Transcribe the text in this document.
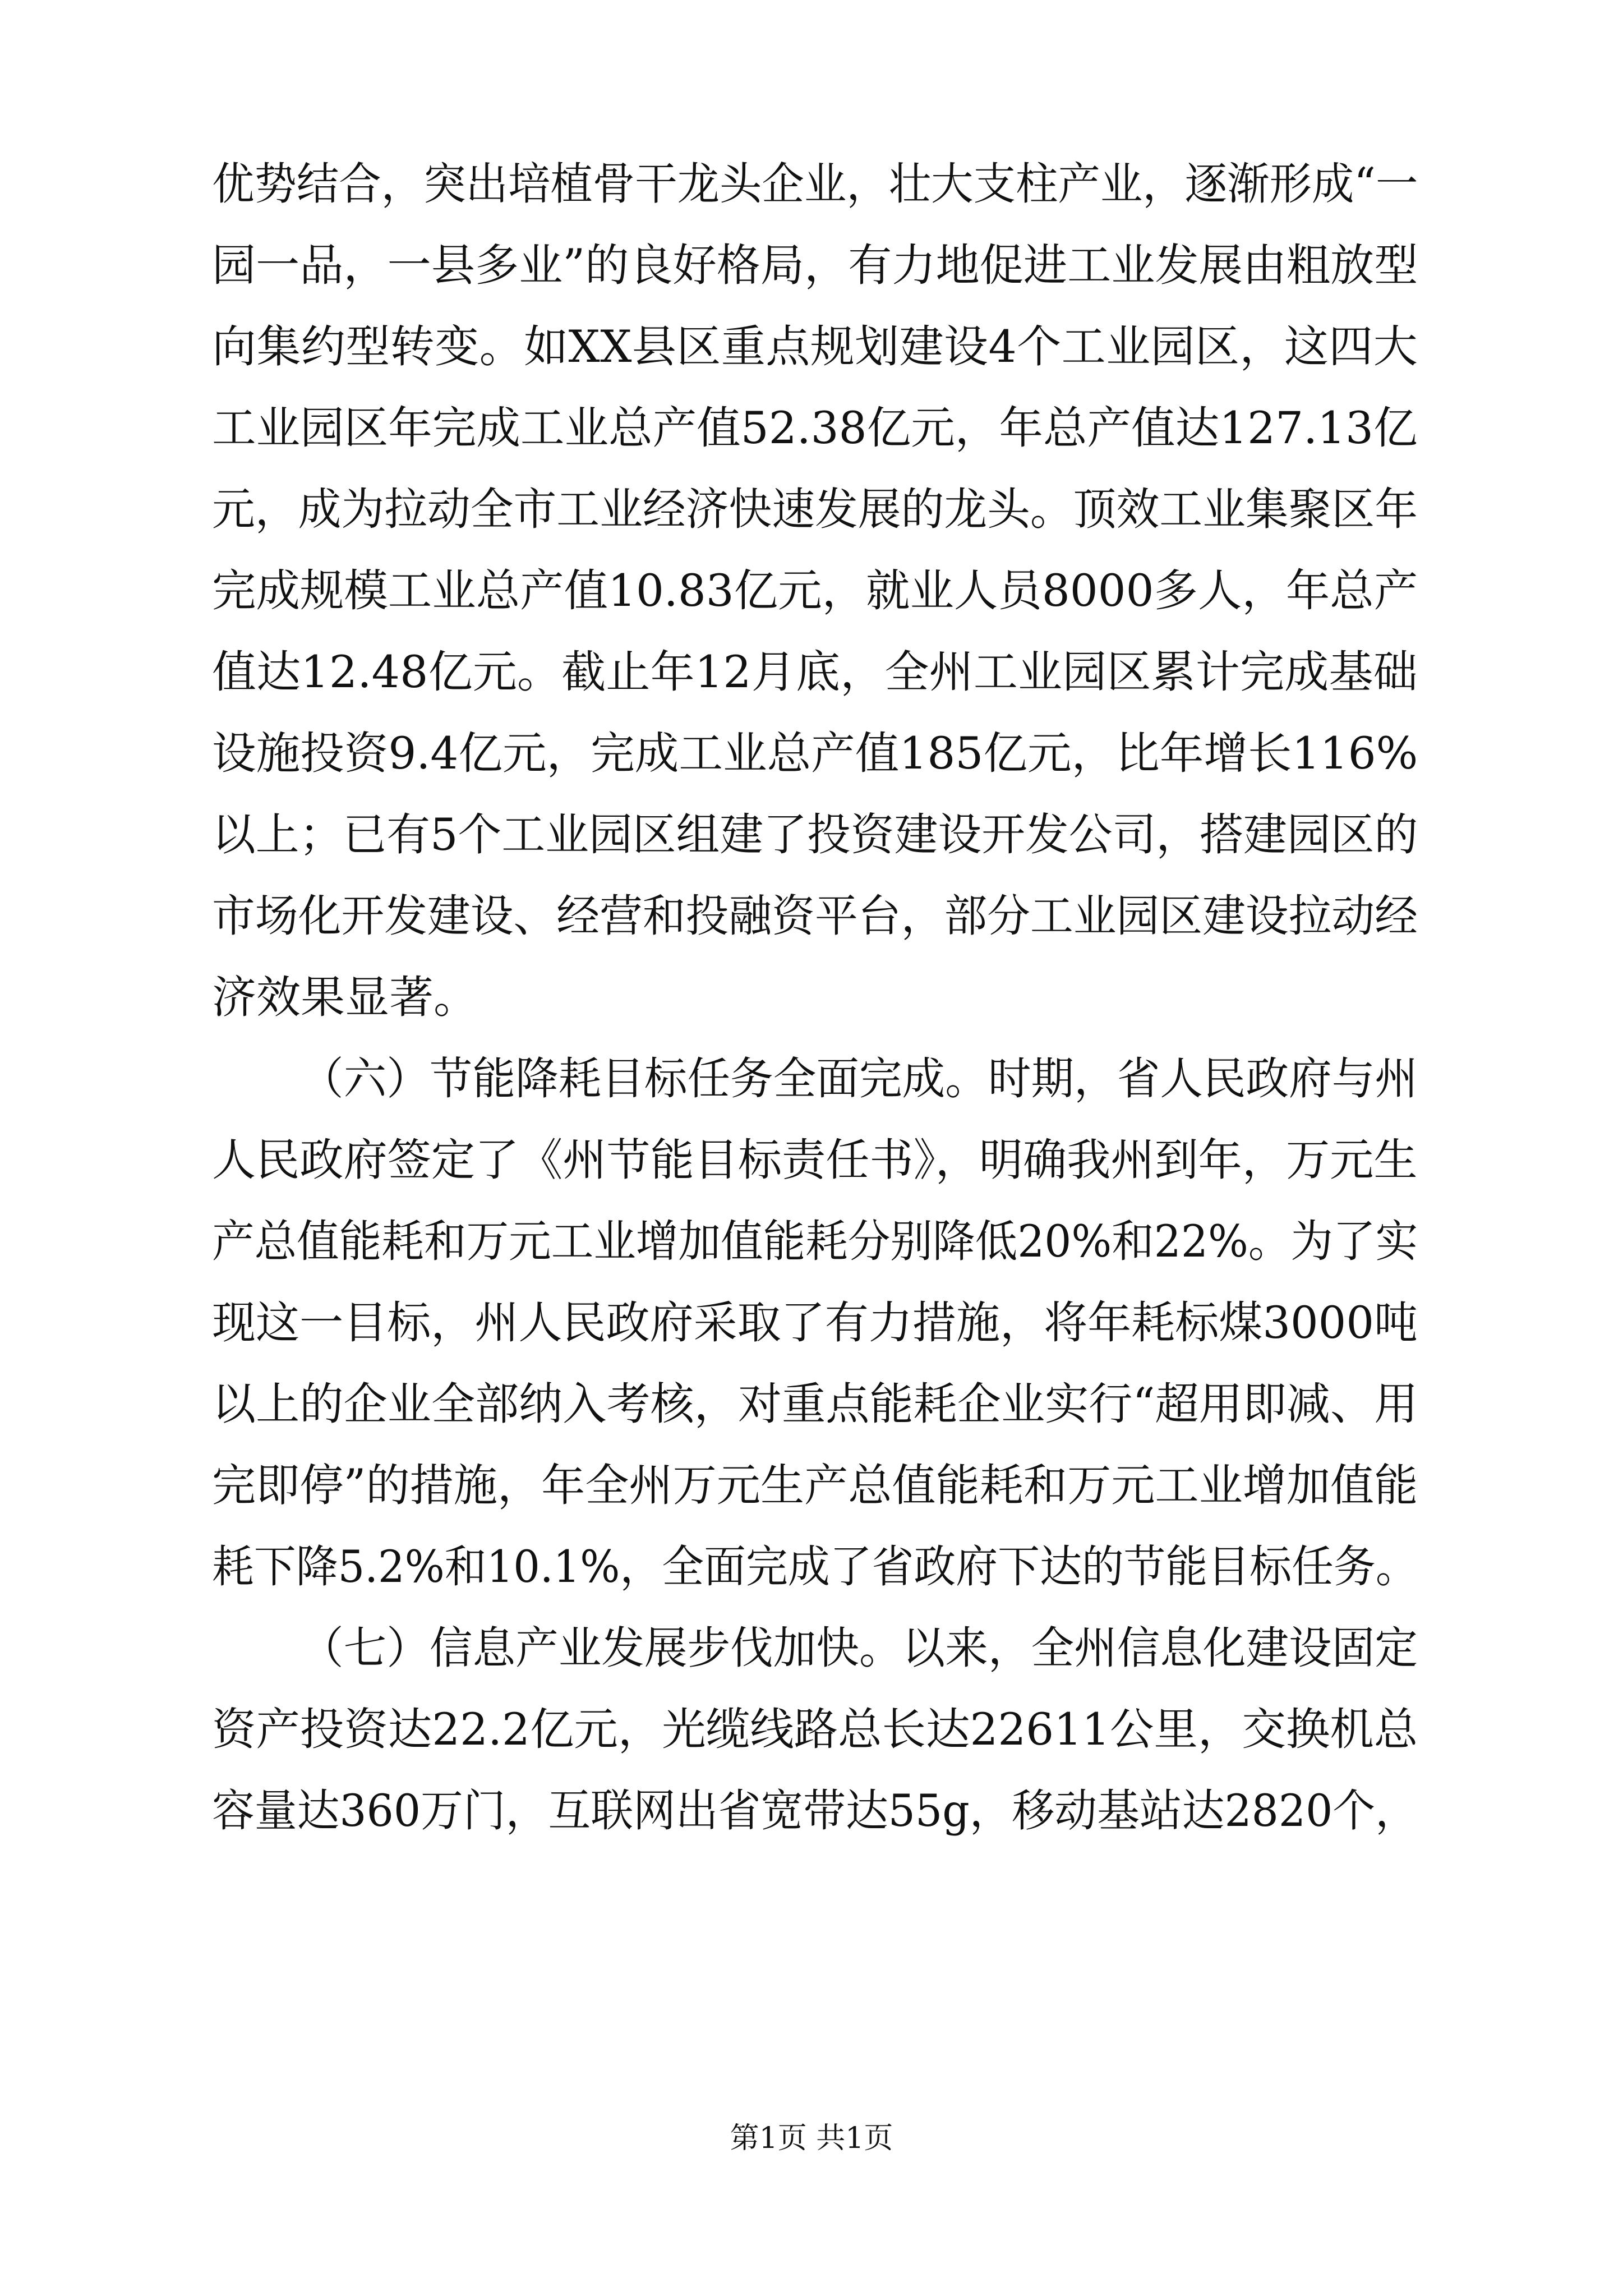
优势结合，突出培植骨干龙头企业，壮大支柱产业，逐渐形成“一
园一品，一县多业”的良好格局，有力地促进工业发展由粗放型
向集约型转变。如XX县区重点规划建设4个工业园区，这四大
工业园区年完成工业总产值52.38亿元，年总产值达127.13亿
元，成为拉动全市工业经济快速发展的龙头。顶效工业集聚区年
完成规模工业总产值10.83亿元，就业人员8000多人，年总产
值达12.48亿元。截止年12月底，全州工业园区累计完成基础
设施投资9.4亿元，完成工业总产值185亿元，比年增长116%
以上；已有5个工业园区组建了投资建设开发公司，搭建园区的
市场化开发建设、经营和投融资平台，部分工业园区建设拉动经
济效果显著。
（六）节能降耗目标任务全面完成。时期，省人民政府与州
人民政府签定了《州节能目标责任书》，明确我州到年，万元生
产总值能耗和万元工业增加值能耗分别降低20%和22%。为了实
现这一目标，州人民政府采取了有力措施，将年耗标煤3000吨
以上的企业全部纳入考核，对重点能耗企业实行“超用即减、用
完即停”的措施，年全州万元生产总值能耗和万元工业增加值能
耗下降5.2%和10.1%，全面完成了省政府下达的节能目标任务。
（七）信息产业发展步伐加快。以来，全州信息化建设固定
资产投资达22.2亿元，光缆线路总长达22611公里，交换机总
容量达360万门，互联网出省宽带达55g，移动基站达2820个，
第1页 共1页
